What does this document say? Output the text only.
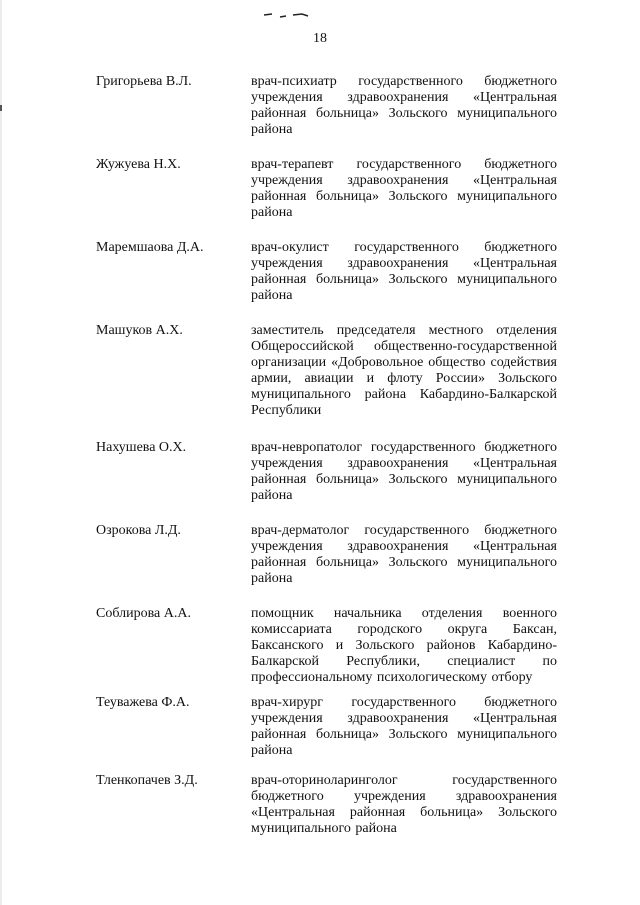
18
Григорьева В.Л.	врач-психиатр государственного бюджетного учреждения здравоохранения «Центральная районная больница» Зольского муниципального района
Жужуева Н.Х.	врач-терапевт государственного бюджетного учреждения здравоохранения «Центральная районная больница» Зольского муниципального района
Маремшаова Д.А.	врач-окулист государственного бюджетного учреждения здравоохранения «Центральная районная больница» Зольского муниципального района
Машуков А.Х.	заместитель председателя местного отделения Общероссийской общественно-государственной организации «Добровольное общество содействия армии, авиации и флоту России» Зольского муниципального района Кабардино-Балкарской Республики
Нахушева О.Х.	врач-невропатолог государственного бюджетного учреждения здравоохранения «Центральная районная больница» Зольского муниципального района
Озрокова Л.Д.	врач-дерматолог государственного бюджетного учреждения здравоохранения «Центральная районная больница» Зольского муниципального района
Соблирова А.А.	помощник начальника отделения военного комиссариата городского округа Баксан, Баксанского и Зольского районов Кабардино-Балкарской Республики, специалист по профессиональному психологическому отбору
Теуважева Ф.А.	врач-хирург государственного бюджетного учреждения здравоохранения «Центральная районная больница» Зольского муниципального района
Тленкопачев З.Д.	врач-оториноларинголог государственного бюджетного учреждения здравоохранения «Центральная районная больница» Зольского муниципального района
